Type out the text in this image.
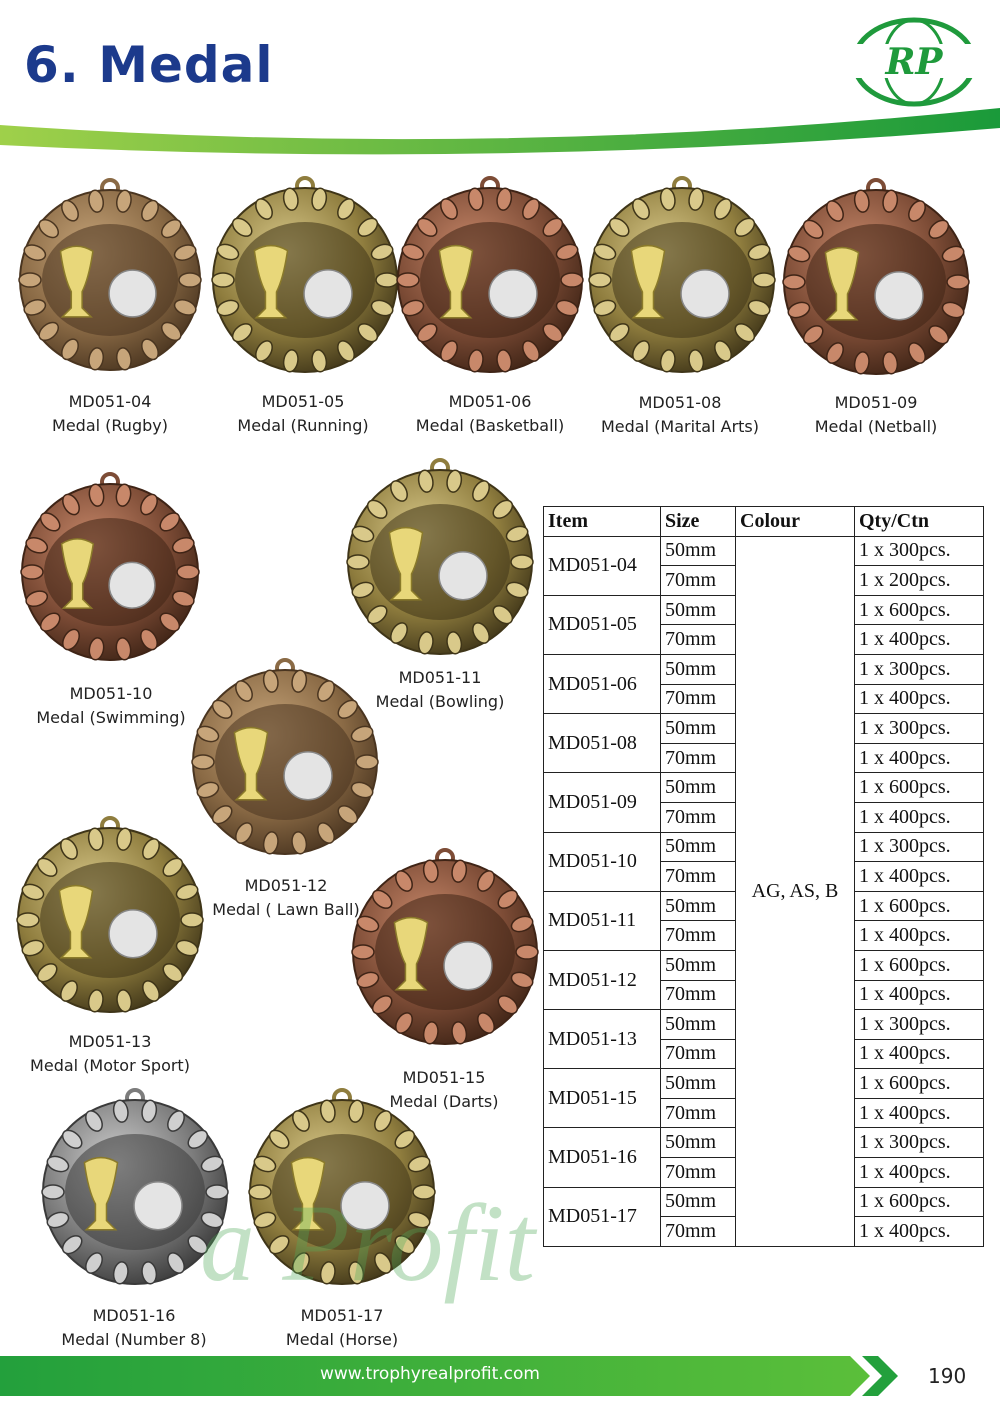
6. Medal	RP
MD051-04
Medal (Rugby)
MD051-05
Medal (Running)
MD051-06
Medal (Basketball)
MD051-08
Medal (Marital Arts)
MD051-09
Medal (Netball)
MD051-10
Medal (Swimming)
MD051-11
Medal (Bowling)
MD051-12
Medal ( Lawn Ball)
MD051-13
Medal (Motor Sport)
MD051-15
Medal (Darts)
MD051-16
Medal (Number 8)
MD051-17
Medal (Horse)
Item	Size	Colour	Qty/Ctn
MD051-04	50mm	AG, AS, B	1 x 300pcs.
	70mm		1 x 200pcs.
MD051-05	50mm		1 x 600pcs.
	70mm		1 x 400pcs.
MD051-06	50mm		1 x 300pcs.
	70mm		1 x 400pcs.
MD051-08	50mm		1 x 300pcs.
	70mm		1 x 400pcs.
MD051-09	50mm		1 x 600pcs.
	70mm		1 x 400pcs.
MD051-10	50mm		1 x 300pcs.
	70mm		1 x 400pcs.
MD051-11	50mm		1 x 600pcs.
	70mm		1 x 400pcs.
MD051-12	50mm		1 x 600pcs.
	70mm		1 x 400pcs.
MD051-13	50mm		1 x 300pcs.
	70mm		1 x 400pcs.
MD051-15	50mm		1 x 600pcs.
	70mm		1 x 400pcs.
MD051-16	50mm		1 x 300pcs.
	70mm		1 x 400pcs.
MD051-17	50mm		1 x 600pcs.
	70mm		1 x 400pcs.
a Profit
www.trophyrealprofit.com	190
